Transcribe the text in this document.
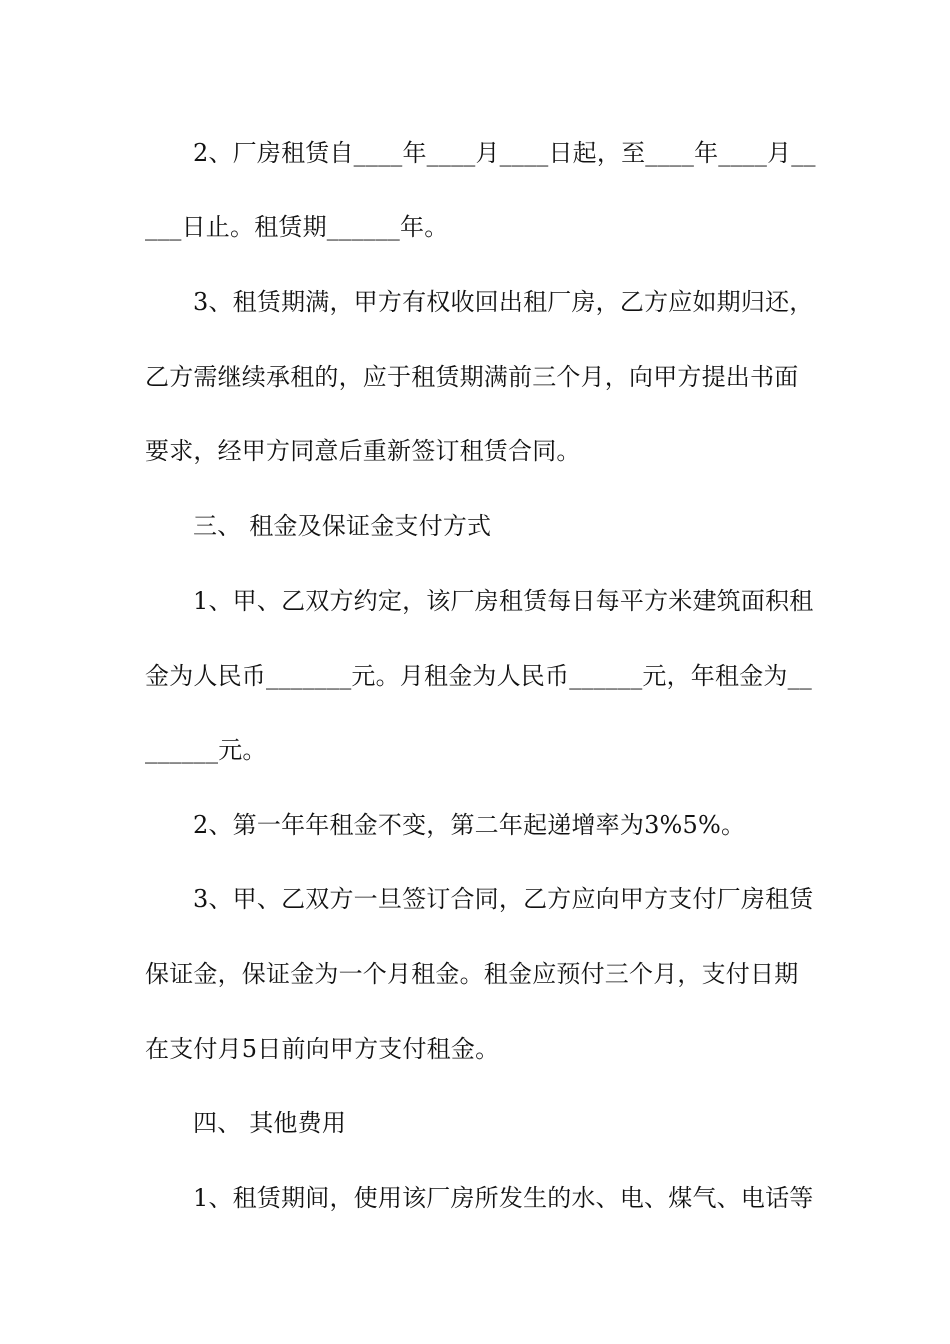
2、厂房租赁自____年____月____日起，至____年____月__
___日止。租赁期______年。
3、租赁期满，甲方有权收回出租厂房，乙方应如期归还，
乙方需继续承租的，应于租赁期满前三个月，向甲方提出书面
要求，经甲方同意后重新签订租赁合同。
三、 租金及保证金支付方式
1、甲、乙双方约定，该厂房租赁每日每平方米建筑面积租
金为人民币_______元。月租金为人民币______元，年租金为__
______元。
2、第一年年租金不变，第二年起递增率为3%5%。
3、甲、乙双方一旦签订合同，乙方应向甲方支付厂房租赁
保证金，保证金为一个月租金。租金应预付三个月，支付日期
在支付月5日前向甲方支付租金。
四、 其他费用
1、租赁期间，使用该厂房所发生的水、电、煤气、电话等
